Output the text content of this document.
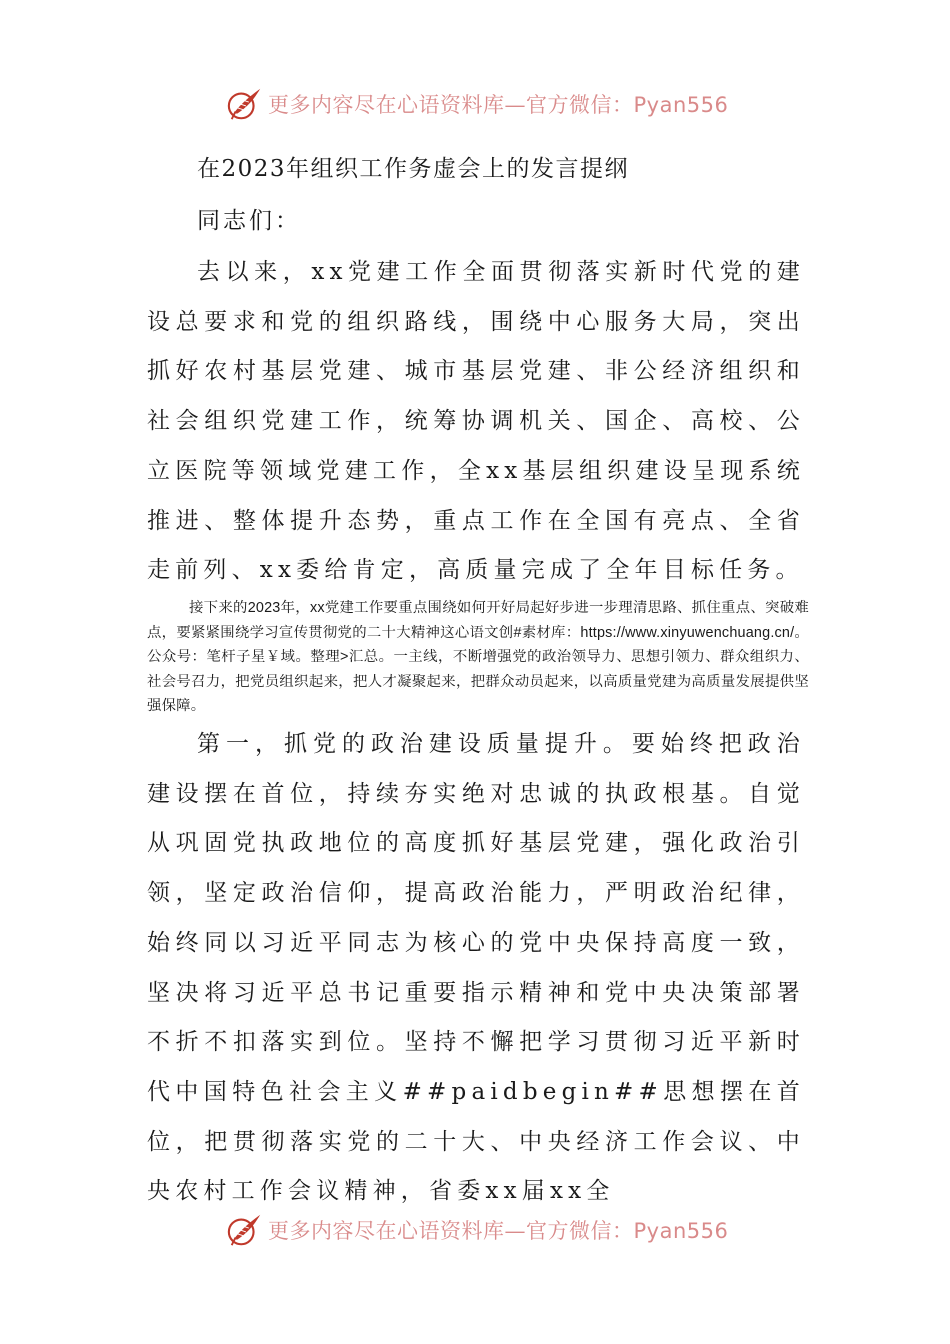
更多内容尽在心语资料库—官方微信：Pyan556
在2023年组织工作务虚会上的发言提纲
同志们：

去以来，xx党建工作全面贯彻落实新时代党的建设总要求和党的组织路线，围绕中心服务大局，突出抓好农村基层党建、城市基层党建、非公经济组织和社会组织党建工作，统筹协调机关、国企、高校、公立医院等领域党建工作，全xx基层组织建设呈现系统推进、整体提升态势，重点工作在全国有亮点、全省走前列、xx委给肯定，高质量完成了全年目标任务。

接下来的2023年，xx党建工作要重点围绕如何开好局起好步进一步理清思路、抓住重点、突破难点，要紧紧围绕学习宣传贯彻党的二十大精神这心语文创#素材库：https://www.xinyuwenchuang.cn/。公众号：笔杆子星￥域。整理>汇总。一主线，不断增强党的政治领导力、思想引领力、群众组织力、社会号召力，把党员组织起来，把人才凝聚起来，把群众动员起来，以高质量党建为高质量发展提供坚强保障。

第一，抓党的政治建设质量提升。要始终把政治建设摆在首位，持续夯实绝对忠诚的执政根基。自觉从巩固党执政地位的高度抓好基层党建，强化政治引领，坚定政治信仰，提高政治能力，严明政治纪律，始终同以习近平同志为核心的党中央保持高度一致，坚决将习近平总书记重要指示精神和党中央决策部署不折不扣落实到位。坚持不懈把学习贯彻习近平新时代中国特色社会主义##paidbegin##思想摆在首位，把贯彻落实党的二十大、中央经济工作会议、中央农村工作会议精神，省委xx届xx全

更多内容尽在心语资料库—官方微信：Pyan556
